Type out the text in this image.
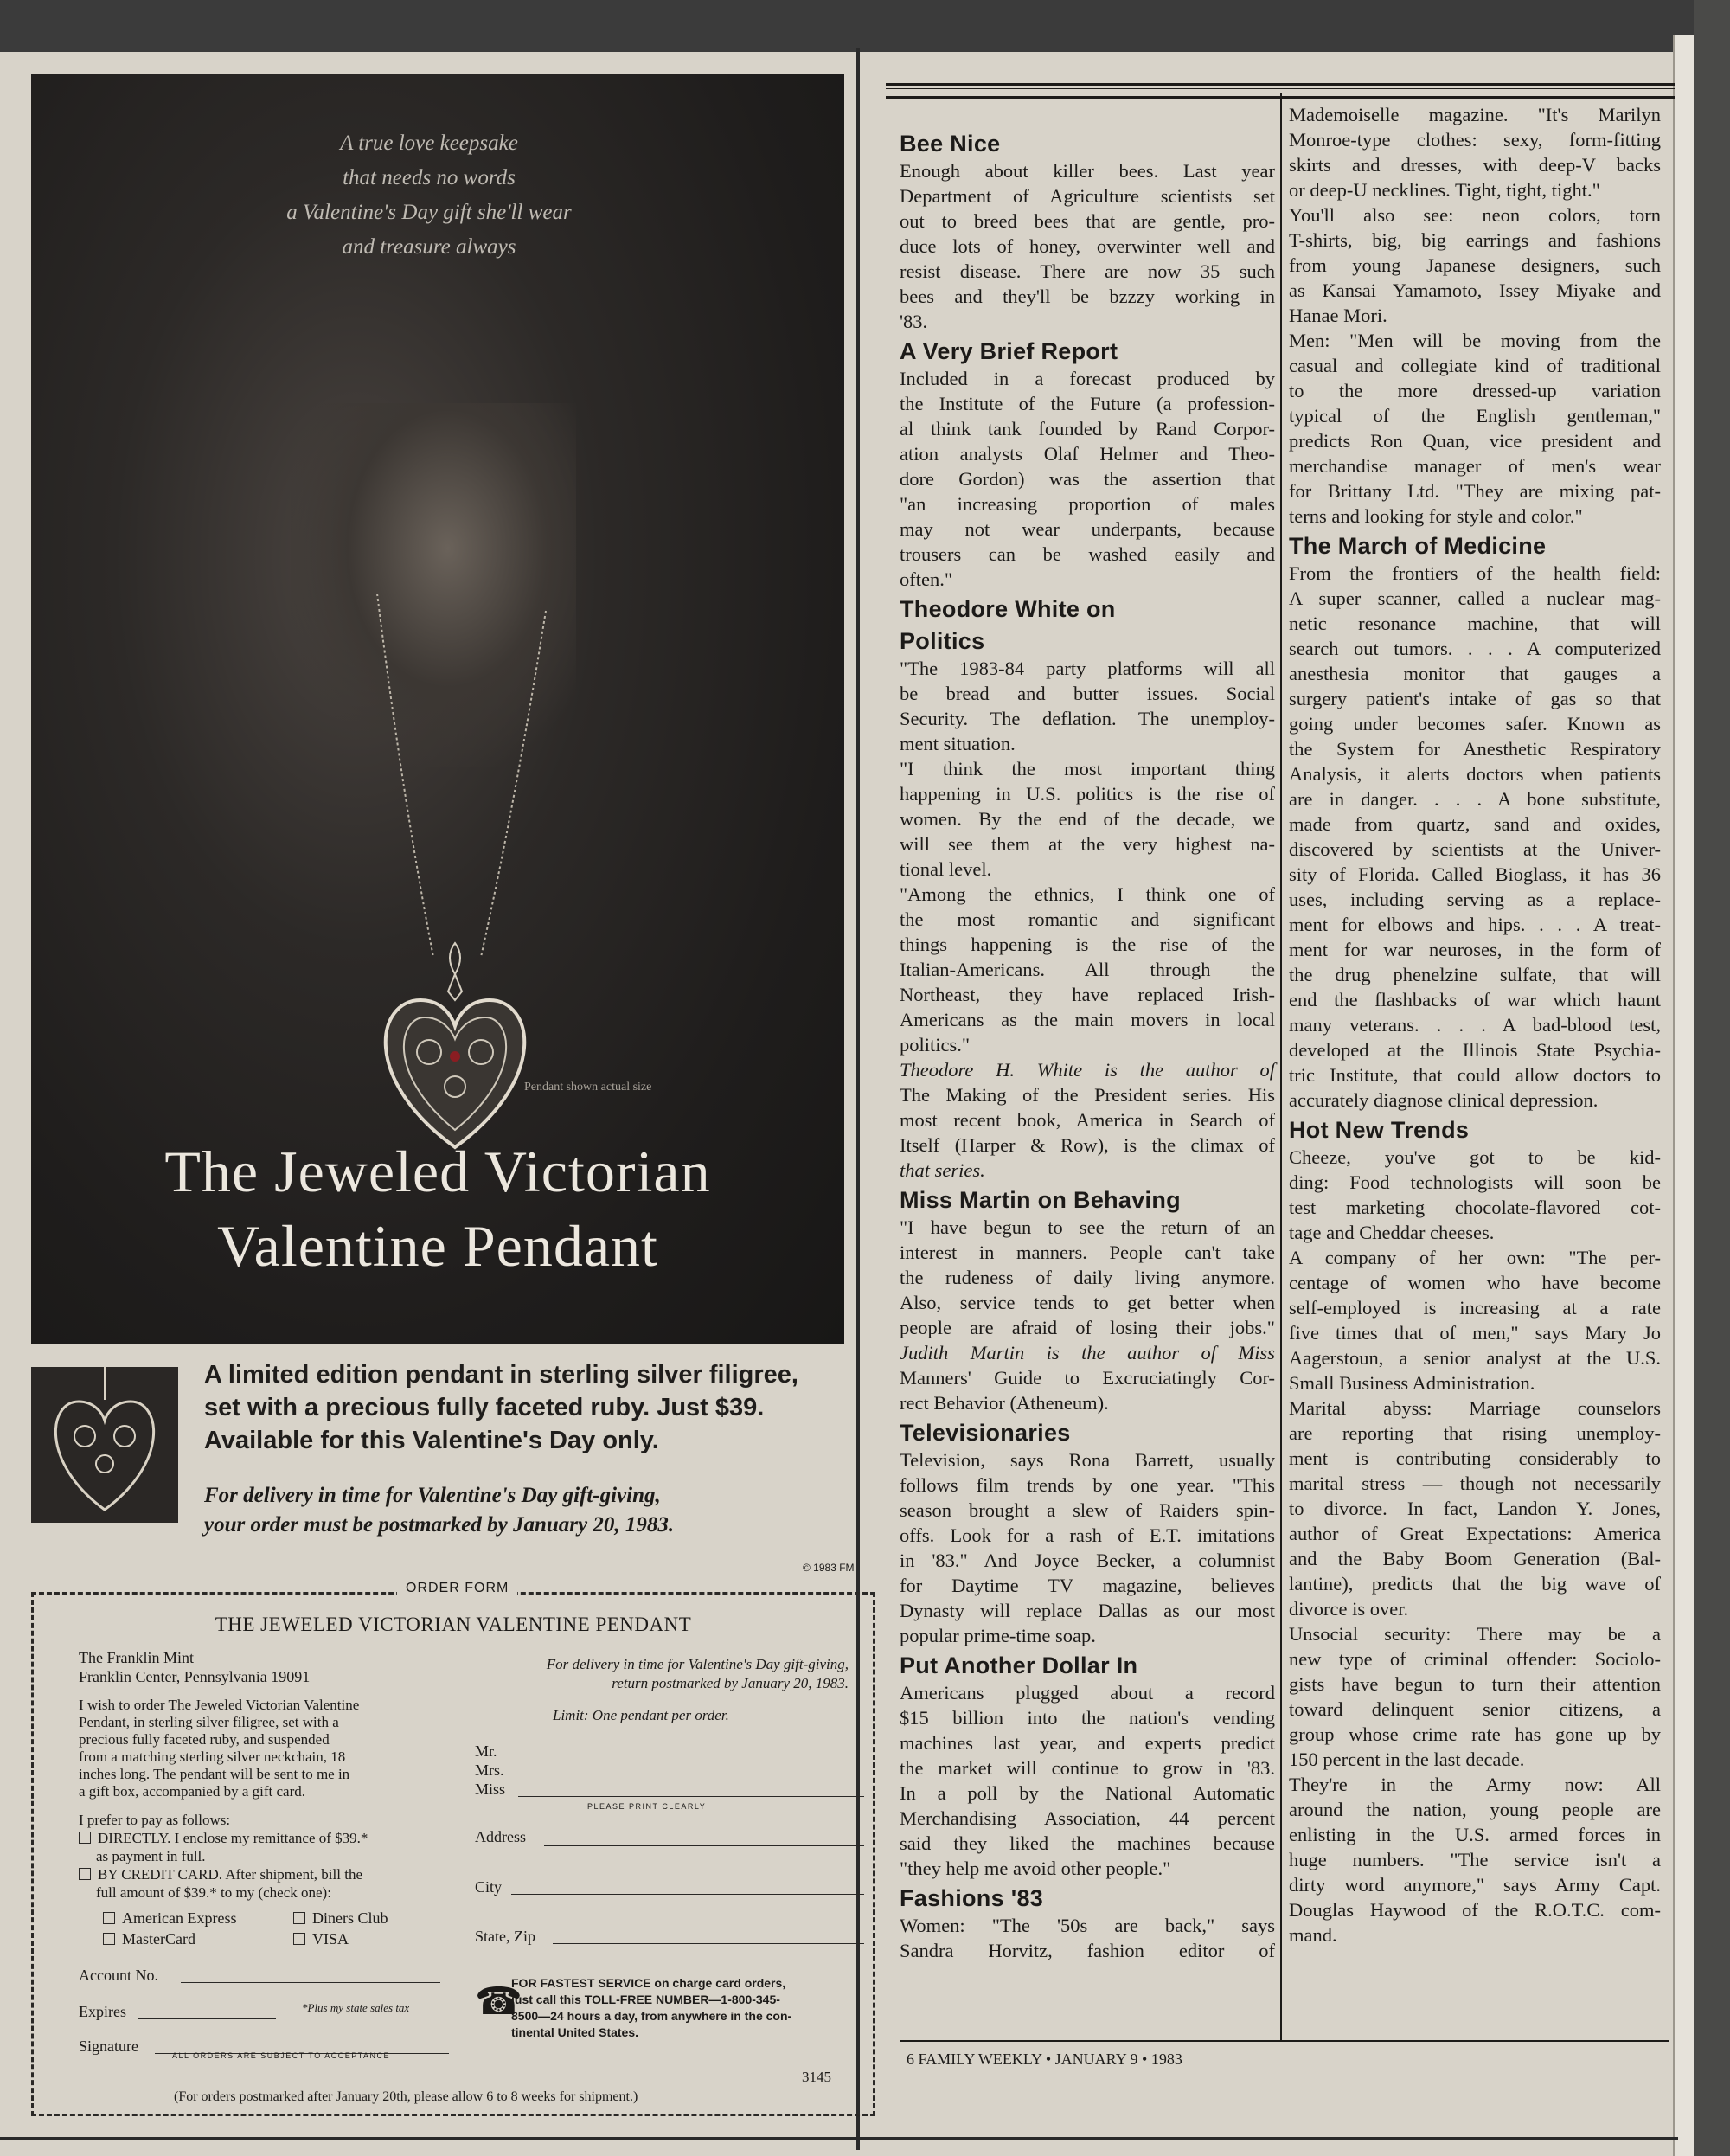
A true love keepsake
that needs no words
a Valentine's Day gift she'll wear
and treasure always
Pendant shown actual size
The Jeweled Victorian
Valentine Pendant
A limited edition pendant in sterling silver filigree,
set with a precious fully faceted ruby. Just $39.
Available for this Valentine's Day only.
For delivery in time for Valentine's Day gift-giving,
your order must be postmarked by January 20, 1983.
© 1983 FM
ORDER FORM
THE JEWELED VICTORIAN VALENTINE PENDANT
The Franklin Mint
Franklin Center, Pennsylvania 19091
I wish to order The Jeweled Victorian Valentine
Pendant, in sterling silver filigree, set with a
precious fully faceted ruby, and suspended
from a matching sterling silver neckchain, 18
inches long. The pendant will be sent to me in
a gift box, accompanied by a gift card.
I prefer to pay as follows:
DIRECTLY. I enclose my remittance of $39.*
as payment in full.
BY CREDIT CARD. After shipment, bill the
full amount of $39.* to my (check one):
American Express
MasterCard
Diners Club
VISA
Account No.
Expires	*Plus my state sales tax
Signature
ALL ORDERS ARE SUBJECT TO ACCEPTANCE
For delivery in time for Valentine's Day gift-giving,
return postmarked by January 20, 1983.
Limit: One pendant per order.
Mr.
Mrs.
Miss
PLEASE PRINT CLEARLY
Address
City
State, Zip
☎
FOR FASTEST SERVICE on charge card orders,
just call this TOLL-FREE NUMBER—1-800-345-
8500—24 hours a day, from anywhere in the con-
tinental United States.
3145
(For orders postmarked after January 20th, please allow 6 to 8 weeks for shipment.)
Bee Nice
Enough about killer bees. Last year
Department of Agriculture scientists set
out to breed bees that are gentle, pro-
duce lots of honey, overwinter well and
resist disease. There are now 35 such
bees and they'll be bzzzy working in
'83.
A Very Brief Report
Included in a forecast produced by
the Institute of the Future (a profession-
al think tank founded by Rand Corpor-
ation analysts Olaf Helmer and Theo-
dore Gordon) was the assertion that
"an increasing proportion of males
may not wear underpants, because
trousers can be washed easily and
often."
Theodore White on
Politics
"The 1983-84 party platforms will all
be bread and butter issues. Social
Security. The deflation. The unemploy-
ment situation.
"I think the most important thing
happening in U.S. politics is the rise of
women. By the end of the decade, we
will see them at the very highest na-
tional level.
"Among the ethnics, I think one of
the most romantic and significant
things happening is the rise of the
Italian-Americans. All through the
Northeast, they have replaced Irish-
Americans as the main movers in local
politics."
Theodore H. White is the author of
The Making of the President series. His
most recent book, America in Search of
Itself (Harper & Row), is the climax of
that series.
Miss Martin on Behaving
"I have begun to see the return of an
interest in manners. People can't take
the rudeness of daily living anymore.
Also, service tends to get better when
people are afraid of losing their jobs."
Judith Martin is the author of Miss
Manners' Guide to Excruciatingly Cor-
rect Behavior (Atheneum).
Televisionaries
Television, says Rona Barrett, usually
follows film trends by one year. "This
season brought a slew of Raiders spin-
offs. Look for a rash of E.T. imitations
in '83." And Joyce Becker, a columnist
for Daytime TV magazine, believes
Dynasty will replace Dallas as our most
popular prime-time soap.
Put Another Dollar In
Americans plugged about a record
$15 billion into the nation's vending
machines last year, and experts predict
the market will continue to grow in '83.
In a poll by the National Automatic
Merchandising Association, 44 percent
said they liked the machines because
"they help me avoid other people."
Fashions '83
Women: "The '50s are back," says
Sandra Horvitz, fashion editor of
Mademoiselle magazine. "It's Marilyn
Monroe-type clothes: sexy, form-fitting
skirts and dresses, with deep-V backs
or deep-U necklines. Tight, tight, tight."
You'll also see: neon colors, torn
T-shirts, big, big earrings and fashions
from young Japanese designers, such
as Kansai Yamamoto, Issey Miyake and
Hanae Mori.
Men: "Men will be moving from the
casual and collegiate kind of traditional
to the more dressed-up variation
typical of the English gentleman,"
predicts Ron Quan, vice president and
merchandise manager of men's wear
for Brittany Ltd. "They are mixing pat-
terns and looking for style and color."
The March of Medicine
From the frontiers of the health field:
A super scanner, called a nuclear mag-
netic resonance machine, that will
search out tumors. . . . A computerized
anesthesia monitor that gauges a
surgery patient's intake of gas so that
going under becomes safer. Known as
the System for Anesthetic Respiratory
Analysis, it alerts doctors when patients
are in danger. . . . A bone substitute,
made from quartz, sand and oxides,
discovered by scientists at the Univer-
sity of Florida. Called Bioglass, it has 36
uses, including serving as a replace-
ment for elbows and hips. . . . A treat-
ment for war neuroses, in the form of
the drug phenelzine sulfate, that will
end the flashbacks of war which haunt
many veterans. . . . A bad-blood test,
developed at the Illinois State Psychia-
tric Institute, that could allow doctors to
accurately diagnose clinical depression.
Hot New Trends
Cheeze, you've got to be kid-
ding: Food technologists will soon be
test marketing chocolate-flavored cot-
tage and Cheddar cheeses.
A company of her own: "The per-
centage of women who have become
self-employed is increasing at a rate
five times that of men," says Mary Jo
Aagerstoun, a senior analyst at the U.S.
Small Business Administration.
Marital abyss: Marriage counselors
are reporting that rising unemploy-
ment is contributing considerably to
marital stress — though not necessarily
to divorce. In fact, Landon Y. Jones,
author of Great Expectations: America
and the Baby Boom Generation (Bal-
lantine), predicts that the big wave of
divorce is over.
Unsocial security: There may be a
new type of criminal offender: Sociolo-
gists have begun to turn their attention
toward delinquent senior citizens, a
group whose crime rate has gone up by
150 percent in the last decade.
They're in the Army now: All
around the nation, young people are
enlisting in the U.S. armed forces in
huge numbers. "The service isn't a
dirty word anymore," says Army Capt.
Douglas Haywood of the R.O.T.C. com-
mand.
6 FAMILY WEEKLY • JANUARY 9 • 1983
